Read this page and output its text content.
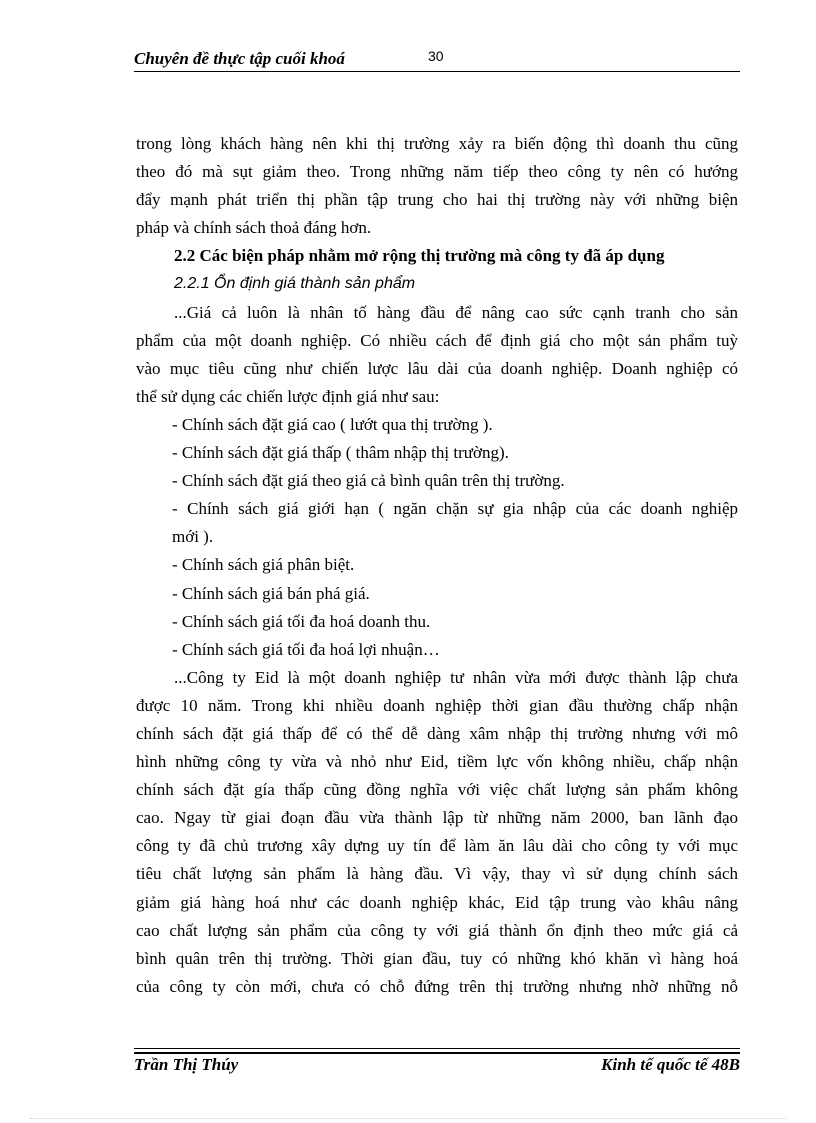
Chuyên đề thực tập cuối khoá	30

trong lòng khách hàng nên khi thị trường xảy ra biến động thì doanh thu cũng
theo đó mà sụt giảm theo. Trong những năm tiếp theo công ty nên có hướng
đẩy mạnh phát triển thị phần tập trung cho hai thị trường này với những biện
pháp và chính sách thoả đáng hơn.

2.2 Các biện pháp nhằm mở rộng thị trường mà công ty đã áp dụng

2.2.1 Ổn định giá thành sản phẩm

...Giá cả luôn là nhân tố hàng đầu để nâng cao sức cạnh tranh cho sản
phẩm của một doanh nghiệp. Có nhiều cách để định giá cho một sản phẩm tuỳ
vào mục tiêu cũng như chiến lược lâu dài của doanh nghiệp. Doanh nghiệp có
thể sử dụng các chiến lược định giá như sau:

- Chính sách đặt giá cao ( lướt qua thị trường ).

- Chính sách đặt giá thấp ( thâm nhập thị trường).

- Chính sách đặt giá theo giá cả bình quân trên thị trường.

- Chính sách giá giới hạn ( ngăn chặn sự gia nhập của các doanh nghiệp
mới ).

- Chính sách giá phân biệt.

- Chính sách giá bán phá giá.

- Chính sách giá tối đa hoá doanh thu.

- Chính sách giá tối đa hoá lợi nhuận…

...Công ty Eid là một doanh nghiệp tư nhân vừa mới được thành lập chưa
được 10 năm. Trong khi nhiều doanh nghiệp thời gian đầu thường chấp nhận
chính sách đặt giá thấp để có thể dễ dàng xâm nhập thị trường nhưng với mô
hình những công ty vừa và nhỏ như Eid, tiềm lực vốn không nhiều, chấp nhận
chính sách đặt gía thấp cũng đồng nghĩa với việc chất lượng sản phẩm không
cao. Ngay từ giai đoạn đầu vừa thành lập từ những năm 2000, ban lãnh đạo
công ty đã chủ trương xây dựng uy tín để làm ăn lâu dài cho công ty với mục
tiêu chất lượng sản phẩm là hàng đầu. Vì vậy, thay vì sử dụng chính sách
giảm giá hàng hoá như các doanh nghiệp khác, Eid tập trung vào khâu nâng
cao chất lượng sản phẩm của công ty với giá thành ổn định theo mức giá cả
bình quân trên thị trường. Thời gian đầu, tuy có những khó khăn vì hàng hoá
của công ty còn mới, chưa có chỗ đứng trên thị trường nhưng nhờ những nỗ

Trần Thị Thúy	Kinh tế quốc tế 48B
